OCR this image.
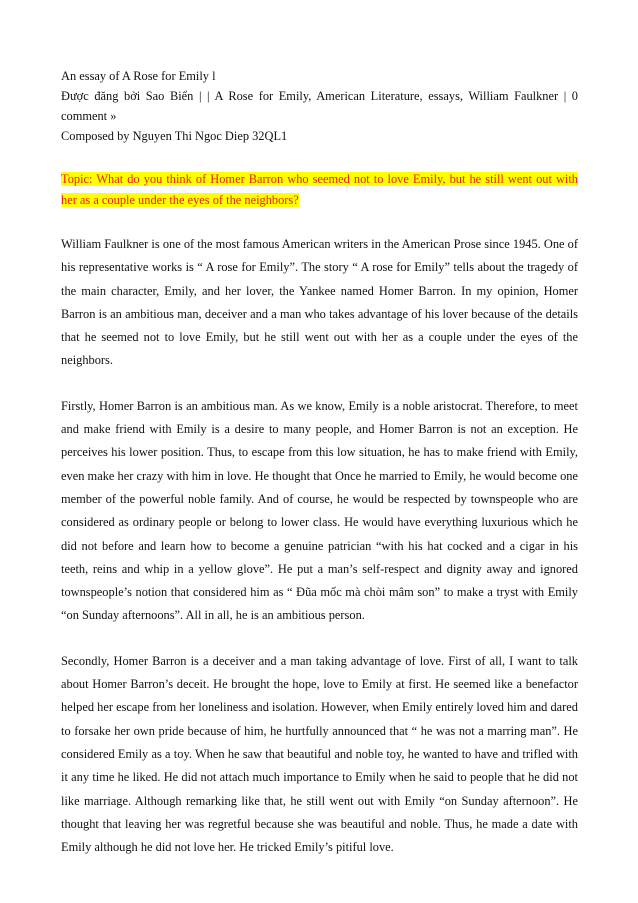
An essay of A Rose for Emily l

Được đăng bởi Sao Biển | | A Rose for Emily, American Literature, essays, William Faulkner | 0 comment »

Composed by Nguyen Thi Ngoc Diep 32QL1

Topic: What do you think of Homer Barron who seemed not to love Emily, but he still went out with her as a couple under the eyes of the neighbors?

William Faulkner is one of the most famous American writers in the American Prose since 1945. One of his representative works is “ A rose for Emily”. The story “ A rose for Emily” tells about the tragedy of the main character, Emily, and her lover, the Yankee named Homer Barron. In my opinion, Homer Barron is an ambitious man, deceiver and a man who takes advantage of his lover because of the details that he seemed not to love Emily, but he still went out with her as a couple under the eyes of the neighbors.

Firstly, Homer Barron is an ambitious man. As we know, Emily is a noble aristocrat. Therefore, to meet and make friend with Emily is a desire to many people, and Homer Barron is not an exception. He perceives his lower position. Thus, to escape from this low situation, he has to make friend with Emily, even make her crazy with him in love. He thought that Once he married to Emily, he would become one member of the powerful noble family. And of course, he would be respected by townspeople who are considered as ordinary people or belong to lower class. He would have everything luxurious which he did not before and learn how to become a genuine patrician “with his hat cocked and a cigar in his teeth, reins and whip in a yellow glove”. He put a man’s self-respect and dignity away and ignored townspeople’s notion that considered him as “ Đũa mốc mà chòi mâm son” to make a tryst with Emily “on Sunday afternoons”. All in all, he is an ambitious person.

Secondly, Homer Barron is a deceiver and a man taking advantage of love. First of all, I want to talk about Homer Barron’s deceit. He brought the hope, love to Emily at first. He seemed like a benefactor helped her escape from her loneliness and isolation. However, when Emily entirely loved him and dared to forsake her own pride because of him, he hurtfully announced that “ he was not a marring man”. He considered Emily as a toy. When he saw that beautiful and noble toy, he wanted to have and trifled with it any time he liked. He did not attach much importance to Emily when he said to people that he did not like marriage. Although remarking like that, he still went out with Emily “on Sunday afternoon”. He thought that leaving her was regretful because she was beautiful and noble. Thus, he made a date with Emily although he did not love her. He tricked Emily’s pitiful love.
